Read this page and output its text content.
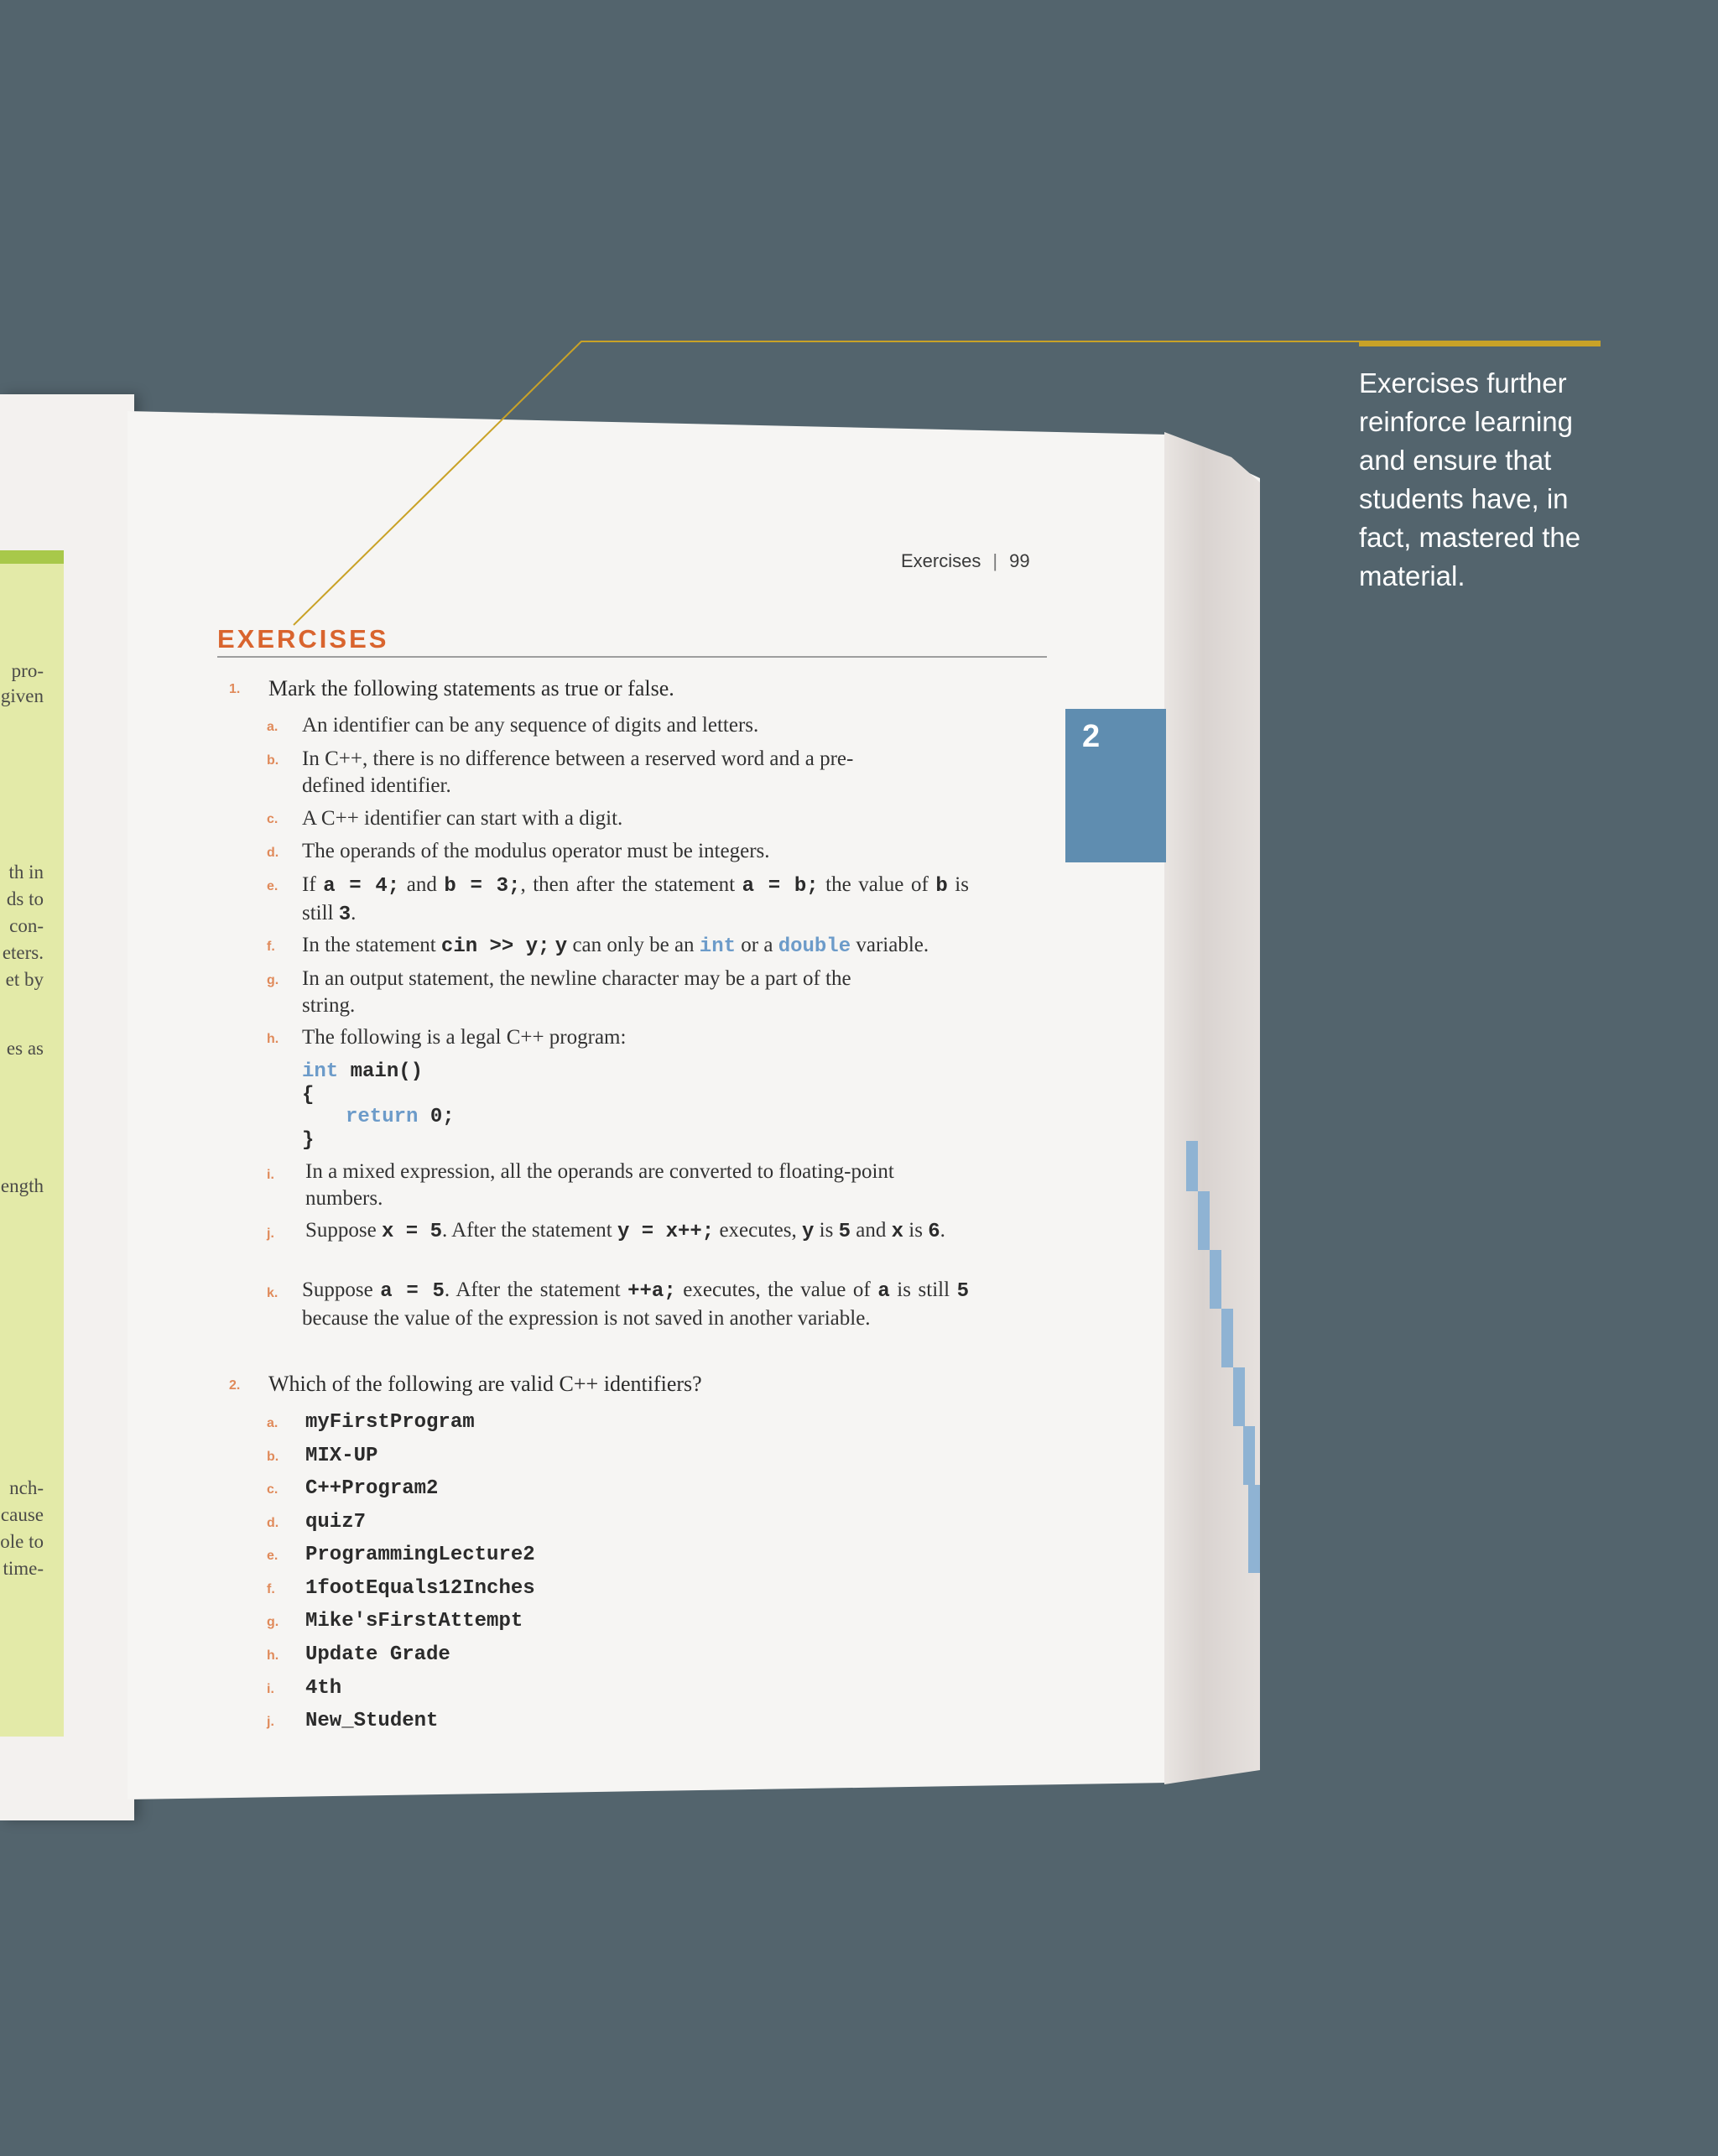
pro-
given
th in
ds to
con-
eters.
et by
es as
ength
nch-
cause
ole to
time-
2
Exercises | 99
EXERCISES
1. Mark the following statements as true or false.
a. An identifier can be any sequence of digits and letters.
b. In C++, there is no difference between a reserved word and a pre-
defined identifier.
c. A C++ identifier can start with a digit.
d. The operands of the modulus operator must be integers.
e. If a = 4; and b = 3;, then after the statement a = b; the value of b is still 3.
f. In the statement cin >> y; y can only be an int or a double variable.
g. In an output statement, the newline character may be a part of the
string.
h. The following is a legal C++ program:
int main()
{
return 0;
}
i. In a mixed expression, all the operands are converted to floating-point
numbers.
j. Suppose x = 5. After the statement y = x++; executes, y is 5 and x is 6.
k. Suppose a = 5. After the statement ++a; executes, the value of a is still 5 because the value of the expression is not saved in another variable.
2. Which of the following are valid C++ identifiers?
a. myFirstProgram
b. MIX-UP
c. C++Program2
d. quiz7
e. ProgrammingLecture2
f. 1footEquals12Inches
g. Mike'sFirstAttempt
h. Update Grade
i. 4th
j. New_Student
Exercises further reinforce learning and ensure that students have, in fact, mastered the material.
